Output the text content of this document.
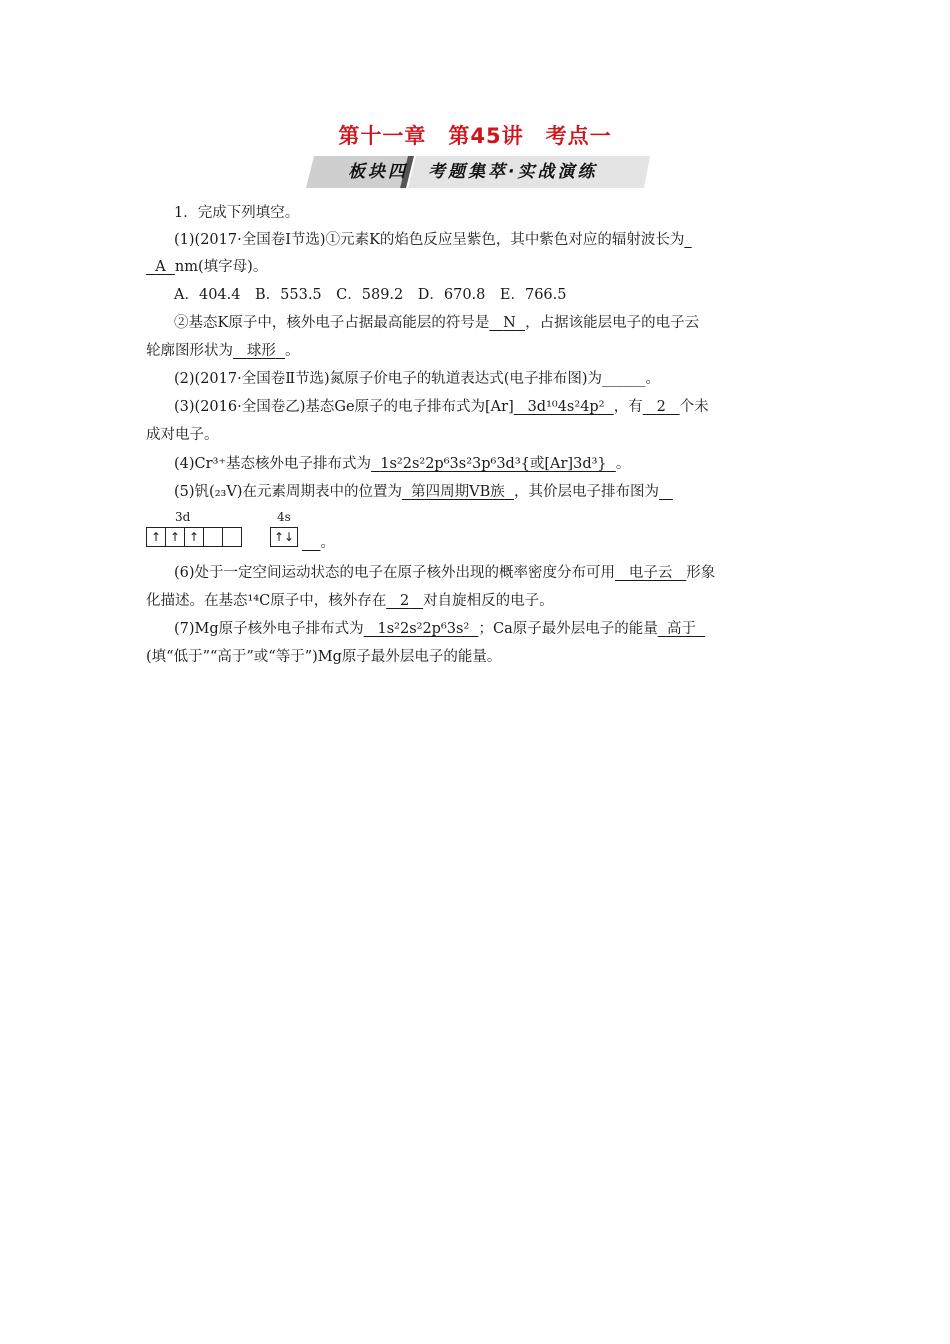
第十一章　第45讲　考点一
板块四 考题集萃·实战演练
1．完成下列填空。
(1)(2017·全国卷Ⅰ节选)①元素K的焰色反应呈紫色，其中紫色对应的辐射波长为_
A nm(填字母)。
A．404.4　B．553.5　C．589.2　D．670.8　E．766.5
②基态K原子中，核外电子占据最高能层的符号是 N ，占据该能层电子的电子云
轮廓图形状为 球形 。
(2)(2017·全国卷Ⅱ节选)氮原子价电子的轨道表达式(电子排布图)为______。
(3)(2016·全国卷乙)基态Ge原子的电子排布式为[Ar] 3d¹⁰4s²4p² ，有 2 个未
成对电子。
(4)Cr³⁺基态核外电子排布式为 1s²2s²2p⁶3s²3p⁶3d³{或[Ar]3d³} 。
(5)钒(₂₃V)在元素周期表中的位置为 第四周期ⅤB族 ，其价层电子排布图为
3d	4s
↑ ↑ ↑	↑↓	。
(6)处于一定空间运动状态的电子在原子核外出现的概率密度分布可用 电子云 形象
化描述。在基态¹⁴C原子中，核外存在 2 对自旋相反的电子。
(7)Mg原子核外电子排布式为 1s²2s²2p⁶3s² ；Ca原子最外层电子的能量 高于
(填“低于”“高于”或“等于”)Mg原子最外层电子的能量。
